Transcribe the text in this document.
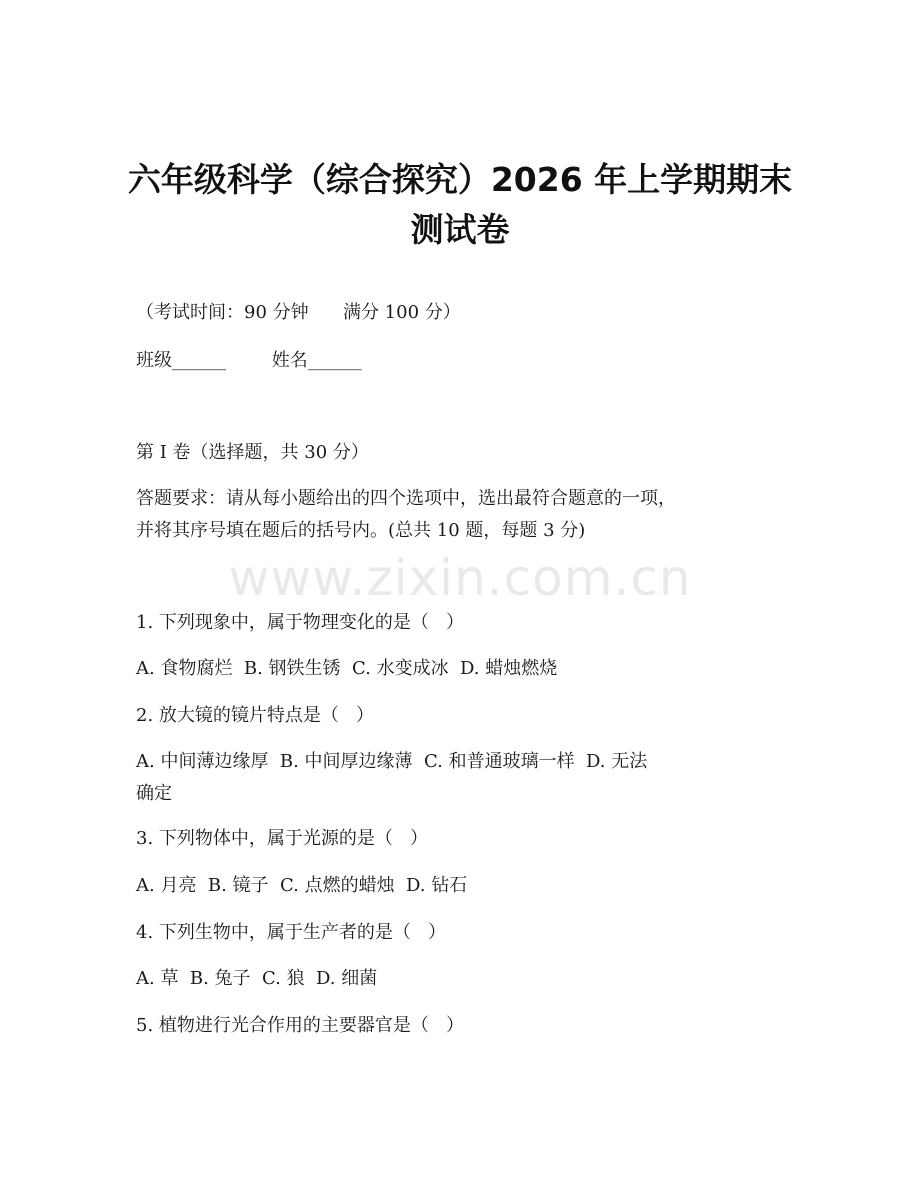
六年级科学（综合探究）2026 年上学期期末
测试卷
（考试时间：90 分钟      满分 100 分）
班级______        姓名______
第 I 卷（选择题，共 30 分）
答题要求：请从每小题给出的四个选项中，选出最符合题意的一项，
并将其序号填在题后的括号内。(总共 10 题，每题 3 分)
www.zixin.com.cn
1. 下列现象中，属于物理变化的是（   ）
A. 食物腐烂  B. 钢铁生锈  C. 水变成冰  D. 蜡烛燃烧
2. 放大镜的镜片特点是（   ）
A. 中间薄边缘厚  B. 中间厚边缘薄  C. 和普通玻璃一样  D. 无法
确定
3. 下列物体中，属于光源的是（   ）
A. 月亮  B. 镜子  C. 点燃的蜡烛  D. 钻石
4. 下列生物中，属于生产者的是（   ）
A. 草  B. 兔子  C. 狼  D. 细菌
5. 植物进行光合作用的主要器官是（   ）
